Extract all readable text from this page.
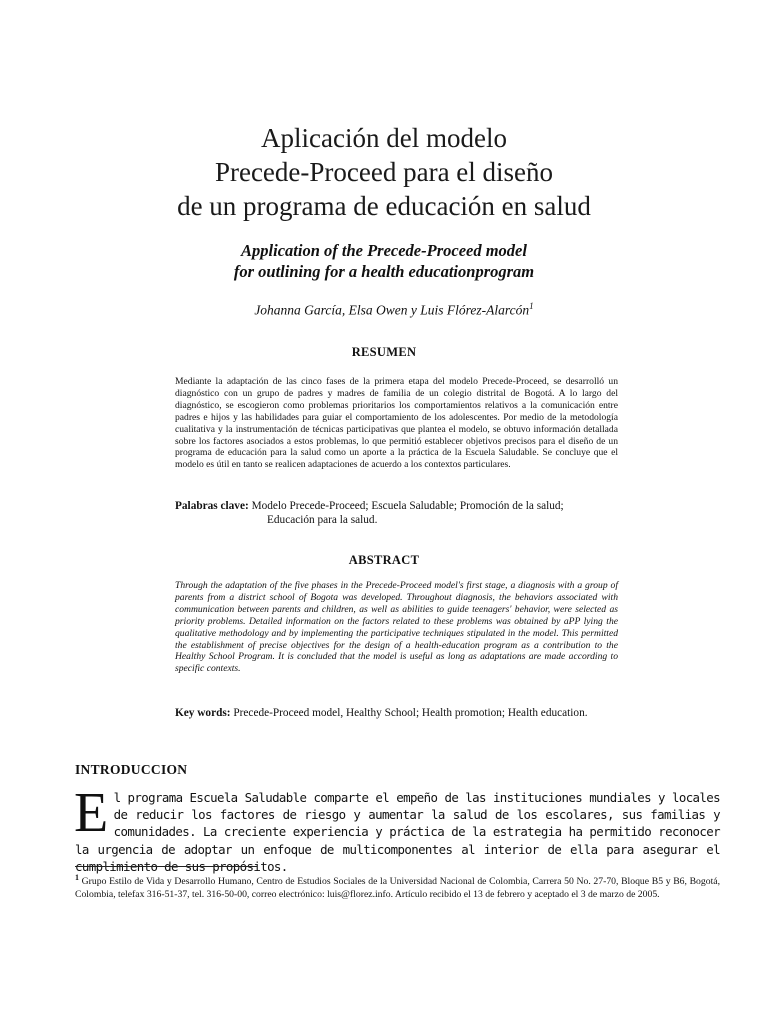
Aplicación del modelo
Precede-Proceed para el diseño
de un programa de educación en salud
Application of the Precede-Proceed model
for outlining for a health educationprogram
Johanna García, Elsa Owen y Luis Flórez-Alarcón$^1$
RESUMEN
Mediante la adaptación de las cinco fases de la primera etapa del modelo Precede-Proceed, se desarrolló un diagnóstico con un grupo de padres y madres de familia de un colegio distrital de Bogotá. A lo largo del diagnóstico, se escogieron como problemas prioritarios los comportamientos relativos a la comunicación entre padres e hijos y las habilidades para guiar el comportamiento de los adolescentes. Por medio de la metodología cualitativa y la instrumentación de técnicas participativas que plantea el modelo, se obtuvo información detallada sobre los factores asociados a estos problemas, lo que permitió establecer objetivos precisos para el diseño de un programa de educación para la salud como un aporte a la práctica de la Escuela Saludable. Se concluye que el modelo es útil en tanto se realicen adaptaciones de acuerdo a los contextos particulares.
Palabras clave: Modelo Precede-Proceed; Escuela Saludable; Promoción de la salud;
Educación para la salud.
ABSTRACT
Through the adaptation of the five phases in the Precede-Proceed model's first stage, a diagnosis with a group of parents from a district school of Bogota was developed. Throughout diagnosis, the behaviors associated with communication between parents and children, as well as abilities to guide teenagers' behavior, were selected as priority problems. Detailed information on the factors related to these problems was obtained by aPP lying the qualitative methodology and by implementing the participative techniques stipulated in the model. This permitted the establishment of precise objectives for the design of a health-education program as a contribution to the Healthy School Program. It is concluded that the model is useful as long as adaptations are made according to specific contexts.
Key words: Precede-Proceed model, Healthy School; Health promotion; Health education.
INTRODUCCION
El programa Escuela Saludable comparte el empeño de las instituciones mundiales y locales de reducir los factores de riesgo y aumentar la salud de los escolares, sus familias y comunidades. La creciente experiencia y práctica de la estrategia ha permitido reconocer la urgencia de adoptar un enfoque de multicomponentes al interior de ella para asegurar el cumplimiento de sus propósitos.
$^1$ Grupo Estilo de Vida y Desarrollo Humano, Centro de Estudios Sociales de la Universidad Nacional de Colombia, Carrera 50 No. 27-70, Bloque B5 y B6, Bogotá, Colombia, telefax 316-51-37, tel. 316-50-00, correo electrónico: luis@florez.info. Artículo recibido el 13 de febrero y aceptado el 3 de marzo de 2005.
